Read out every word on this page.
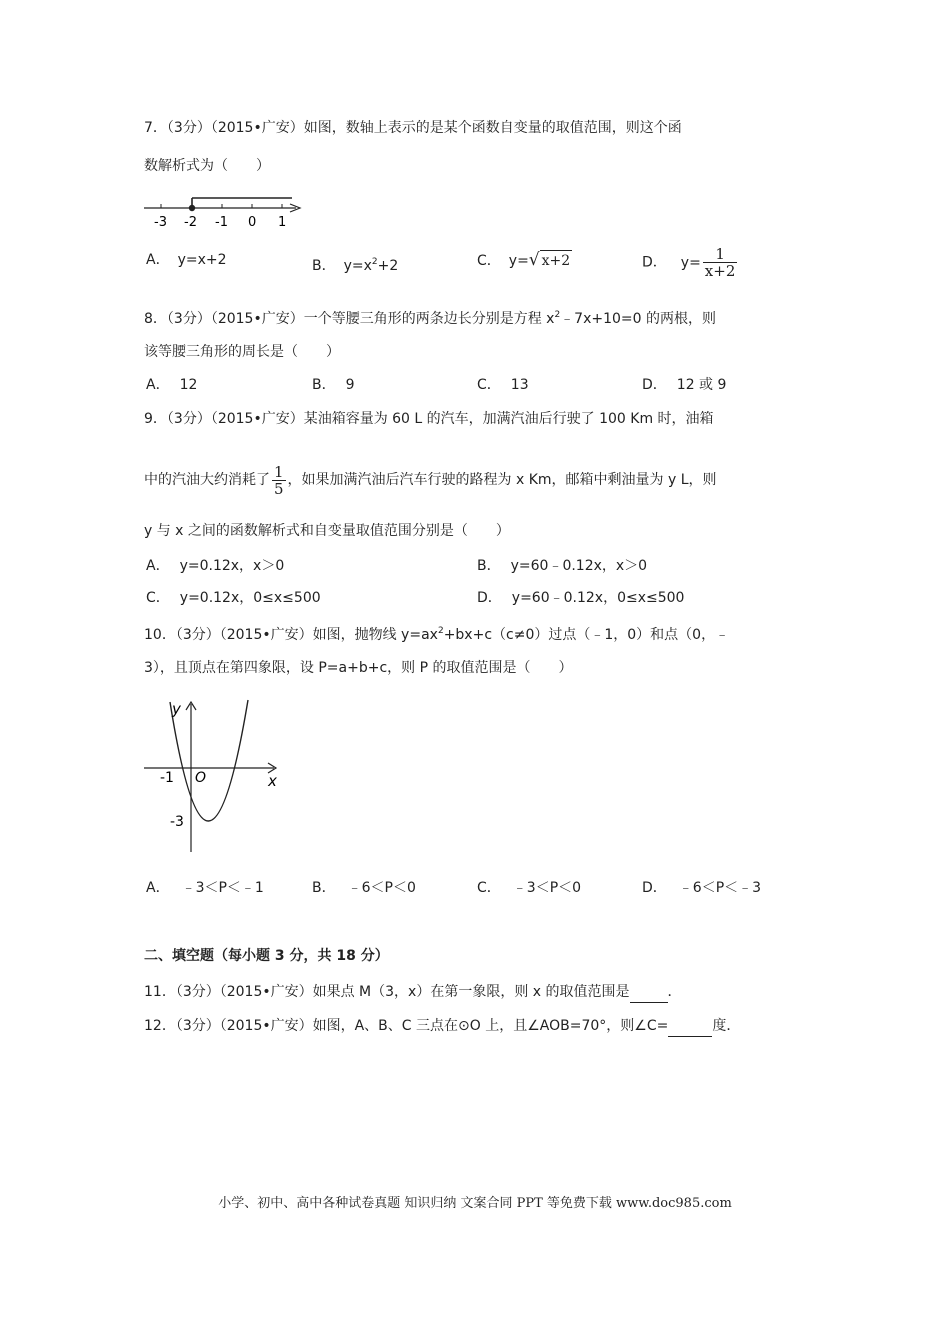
7．（3分）（2015•广安）如图，数轴上表示的是某个函数自变量的取值范围，则这个函
数解析式为（　　）
-3 -2 -1 0 1
A． y=x+2	B． $y=x^2+2$	C． y=√ x+2	D． $y= \frac{1}{x+2}$
8．（3分）（2015•广安）一个等腰三角形的两条边长分别是方程 $x^2﹣7x+10=0$ 的两根，则
该等腰三角形的周长是（　　）
A． 12	B． 9	C． 13	D． 12 或 9
9．（3分）（2015•广安）某油箱容量为 60 L 的汽车，加满汽油后行驶了 100 Km 时，油箱
中的汽油大约消耗了 $\frac{1}{5}$ ，如果加满汽油后汽车行驶的路程为 x Km，邮箱中剩油量为 y L，则
y 与 x 之间的函数解析式和自变量取值范围分别是（　　）
A． y=0.12x，x＞0	B． y=60﹣0.12x，x＞0
C． y=0.12x，0≤x≤500	D． y=60﹣0.12x，0≤x≤500
10．（3分）（2015•广安）如图，抛物线 $y=ax^2+bx+c(c\ne 0)$过点（﹣1，0）和点（0，﹣
3），且顶点在第四象限，设 P=a+b+c，则 P 的取值范围是（　　）
y
x
O
-1
-3
A． ﹣3＜P＜﹣1	B． ﹣6＜P＜0	C． ﹣3＜P＜0	D． ﹣6＜P＜﹣3
二、填空题（每小题 3 分，共 18 分）
11．（3分）（2015•广安）如果点 M（3，x）在第一象限，则 x 的取值范围是	．
12．（3分）（2015•广安）如图，A、B、C 三点在⊙O 上，且∠AOB=70°，则∠C=	度．
小学、初中、高中各种试卷真题 知识归纳 文案合同 PPT 等免费下载 www.doc985.com
